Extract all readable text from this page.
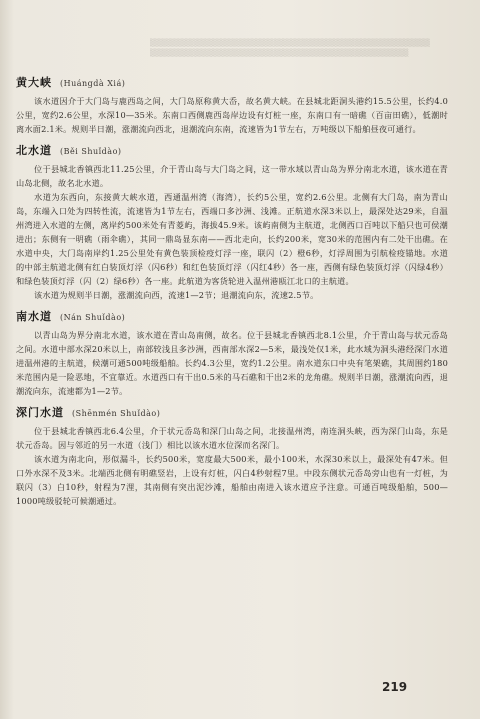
▒▒▒▒▒▒▒▒▒▒▒▒▒▒▒▒▒▒▒▒▒▒▒▒▒▒▒▒▒▒▒▒▒▒▒▒▒▒▒▒▒▒▒▒▒▒▒▒▒▒▒▒
▒▒▒▒▒▒▒▒▒▒▒▒▒▒▒▒▒▒▒▒▒▒▒▒▒▒▒▒▒▒▒▒▒▒▒▒▒▒▒▒▒▒▒▒▒▒▒▒
黄大峡 (Huángdà Xiá)

该水道因介于大门岛与鹿西岛之间，大门岛原称黄大岙，故名黄大峡。在县城北距洞头港约15.5公里，长约4.0公里，宽约2.6公里，水深10—35米。东南口西侧鹿西岛岸边设有灯桩一座，东南口有一暗礁（百亩田礁），低潮时离水面2.1米。规则半日潮，涨潮流向西北，退潮流向东南，流速皆为1节左右，万吨级以下船舶昼夜可通行。

北水道 (Běi Shuǐdào)

位于县城北香镇西北11.25公里，介于青山岛与大门岛之间，这一带水域以青山岛为界分南北水道，该水道在青山岛北侧，故名北水道。

水道为东西向，东接黄大峡水道，西通温州湾（海湾），长约5公里，宽约2.6公里。北侧有大门岛，南为青山岛，东端入口处为四转性流，流速皆为1节左右，西端口多沙洲、浅滩。正航道水深3米以上，最深处达29米，自温州湾进入水道的左侧，离岸约500米处有青菱屿，海拔45.9米。该屿南侧为主航道，北侧西口百吨以下船只也可侯潮进出；东侧有一明礁（雨伞礁），其同一鼎岛显东南——西北走向，长约200米，宽30米的范围内有二处干出礁。在水道中央，大门岛南岸约1.25公里处有黄色装顶检疫灯浮一座，联闪（2）橙6秒，灯浮周围为引航检疫锚地。水道的中部主航道北侧有红白装顶灯浮（闪6秒）和红色装顶灯浮（闪红4秒）各一座，西侧有绿色装顶灯浮（闪绿4秒）和绿色装顶灯浮（闪（2）绿6秒）各一座。此航道为客货轮进入温州港瓯江北口的主航道。

该水道为规则半日潮，涨潮流向西，流速1—2节；退潮流向东，流速2.5节。

南水道 (Nán Shuǐdào)

以青山岛为界分南北水道，该水道在青山岛南侧，故名。位于县城北香镇西北8.1公里，介于青山岛与状元岙岛之间。水道中部水深20米以上，南部较浅且多沙洲，西南部水深2—5米，最浅处仅1米，此水域为洞头港经深门水道进温州港的主航道，候潮可通500吨级船舶。长约4.3公里，宽约1.2公里。南水道东口中央有笔架礁，其周围约180米范围内是一险恶地，不宜靠近。水道西口有干出0.5米的马石礁和干出2米的龙角礁。规则半日潮，涨潮流向西，退潮流向东，流速都为1—2节。

深门水道 (Shēnmén Shuǐdào)

位于县城北香镇西北6.4公里，介于状元岙岛和深门山岛之间，北接温州湾，南连洞头峡，西为深门山岛，东是状元岙岛。因与邻近的另一水道（浅门）相比以该水道水位深而名深门。

该水道为南北向，形似漏斗，长约500米，宽度最大500米，最小100米，水深30米以上，最深处有47米。但口外水深不及3米。北端西北侧有明礁竖岩，上设有灯桩，闪白4秒射程7里。中段东侧状元岙岛旁山也有一灯桩，为联闪（3）白10秒，射程为7浬，其南侧有突出泥沙滩，船舶由南进入该水道应予注意。可通百吨级船舶，500—1000吨级驳轮可候潮通过。

219
